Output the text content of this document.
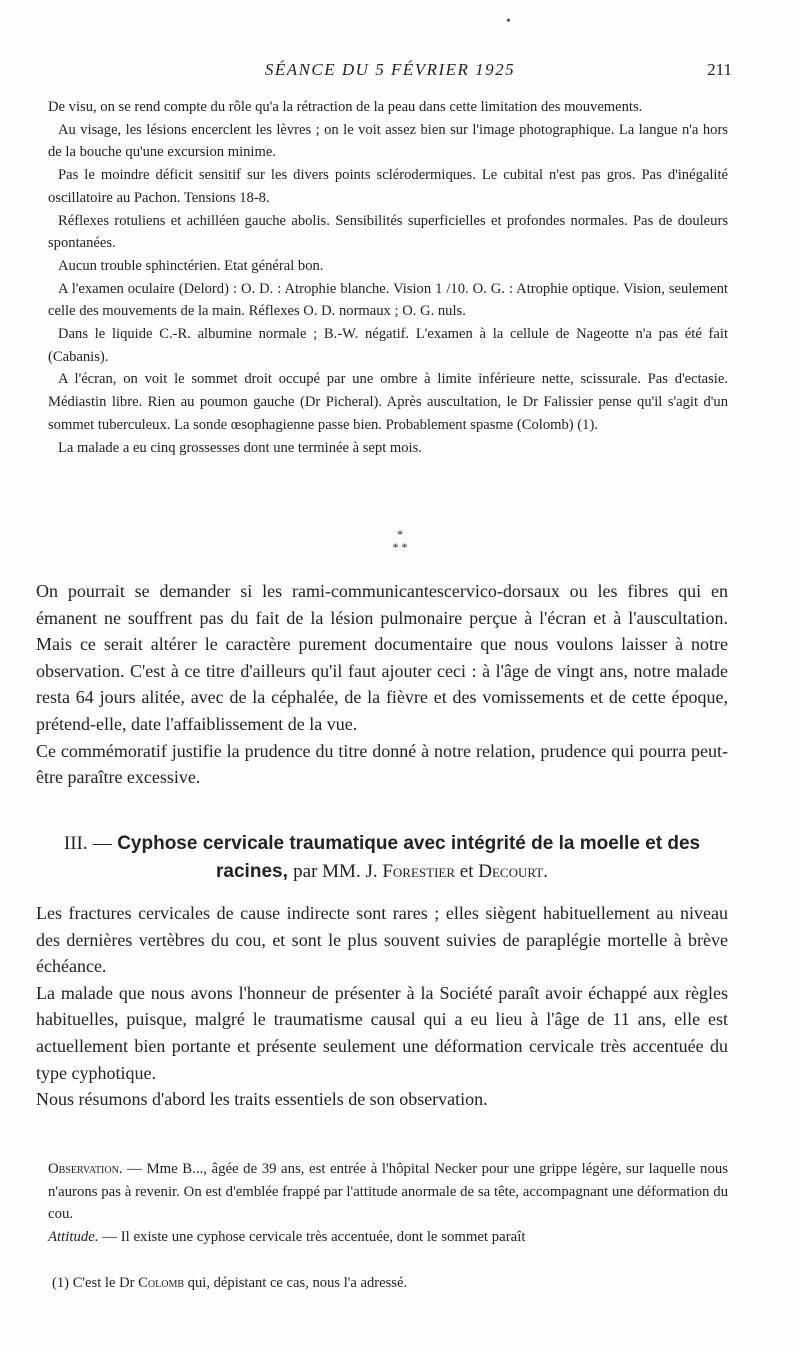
•
SÉANCE DU 5 FÉVRIER 1925	211

De visu, on se rend compte du rôle qu'a la rétraction de la peau dans cette limitation des mouvements.

Au visage, les lésions encerclent les lèvres ; on le voit assez bien sur l'image photographique. La langue n'a hors de la bouche qu'une excursion minime.

Pas le moindre déficit sensitif sur les divers points sclérodermiques. Le cubital n'est pas gros. Pas d'inégalité oscillatoire au Pachon. Tensions 18-8.

Réflexes rotuliens et achilléen gauche abolis. Sensibilités superficielles et profondes normales. Pas de douleurs spontanées.

Aucun trouble sphinctérien. Etat général bon.

A l'examen oculaire (Delord) : O. D. : Atrophie blanche. Vision 1 /10. O. G. : Atrophie optique. Vision, seulement celle des mouvements de la main. Réflexes O. D. normaux ; O. G. nuls.

Dans le liquide C.-R. albumine normale ; B.-W. négatif. L'examen à la cellule de Nageotte n'a pas été fait (Cabanis).

A l'écran, on voit le sommet droit occupé par une ombre à limite inférieure nette, scissurale. Pas d'ectasie. Médiastin libre. Rien au poumon gauche (Dr Picheral). Après auscultation, le Dr Falissier pense qu'il s'agit d'un sommet tuberculeux. La sonde œsophagienne passe bien. Probablement spasme (Colomb) (1).

La malade a eu cinq grossesses dont une terminée à sept mois.

*
* *

On pourrait se demander si les rami-communicantescervico-dorsaux ou les fibres qui en émanent ne souffrent pas du fait de la lésion pulmonaire perçue à l'écran et à l'auscultation. Mais ce serait altérer le caractère purement documentaire que nous voulons laisser à notre observation. C'est à ce titre d'ailleurs qu'il faut ajouter ceci : à l'âge de vingt ans, notre malade resta 64 jours alitée, avec de la céphalée, de la fièvre et des vomissements et de cette époque, prétend-elle, date l'affaiblissement de la vue.

Ce commémoratif justifie la prudence du titre donné à notre relation, prudence qui pourra peut-être paraître excessive.

III. — Cyphose cervicale traumatique avec intégrité de la moelle et des racines, par MM. J. Forestier et Decourt.

Les fractures cervicales de cause indirecte sont rares ; elles siègent habituellement au niveau des dernières vertèbres du cou, et sont le plus souvent suivies de paraplégie mortelle à brève échéance.

La malade que nous avons l'honneur de présenter à la Société paraît avoir échappé aux règles habituelles, puisque, malgré le traumatisme causal qui a eu lieu à l'âge de 11 ans, elle est actuellement bien portante et présente seulement une déformation cervicale très accentuée du type cyphotique.

Nous résumons d'abord les traits essentiels de son observation.

Observation. — Mme B..., âgée de 39 ans, est entrée à l'hôpital Necker pour une grippe légère, sur laquelle nous n'aurons pas à revenir. On est d'emblée frappé par l'attitude anormale de sa tête, accompagnant une déformation du cou.

Attitude. — Il existe une cyphose cervicale très accentuée, dont le sommet paraît

(1) C'est le Dr Colomb qui, dépistant ce cas, nous l'a adressé.
